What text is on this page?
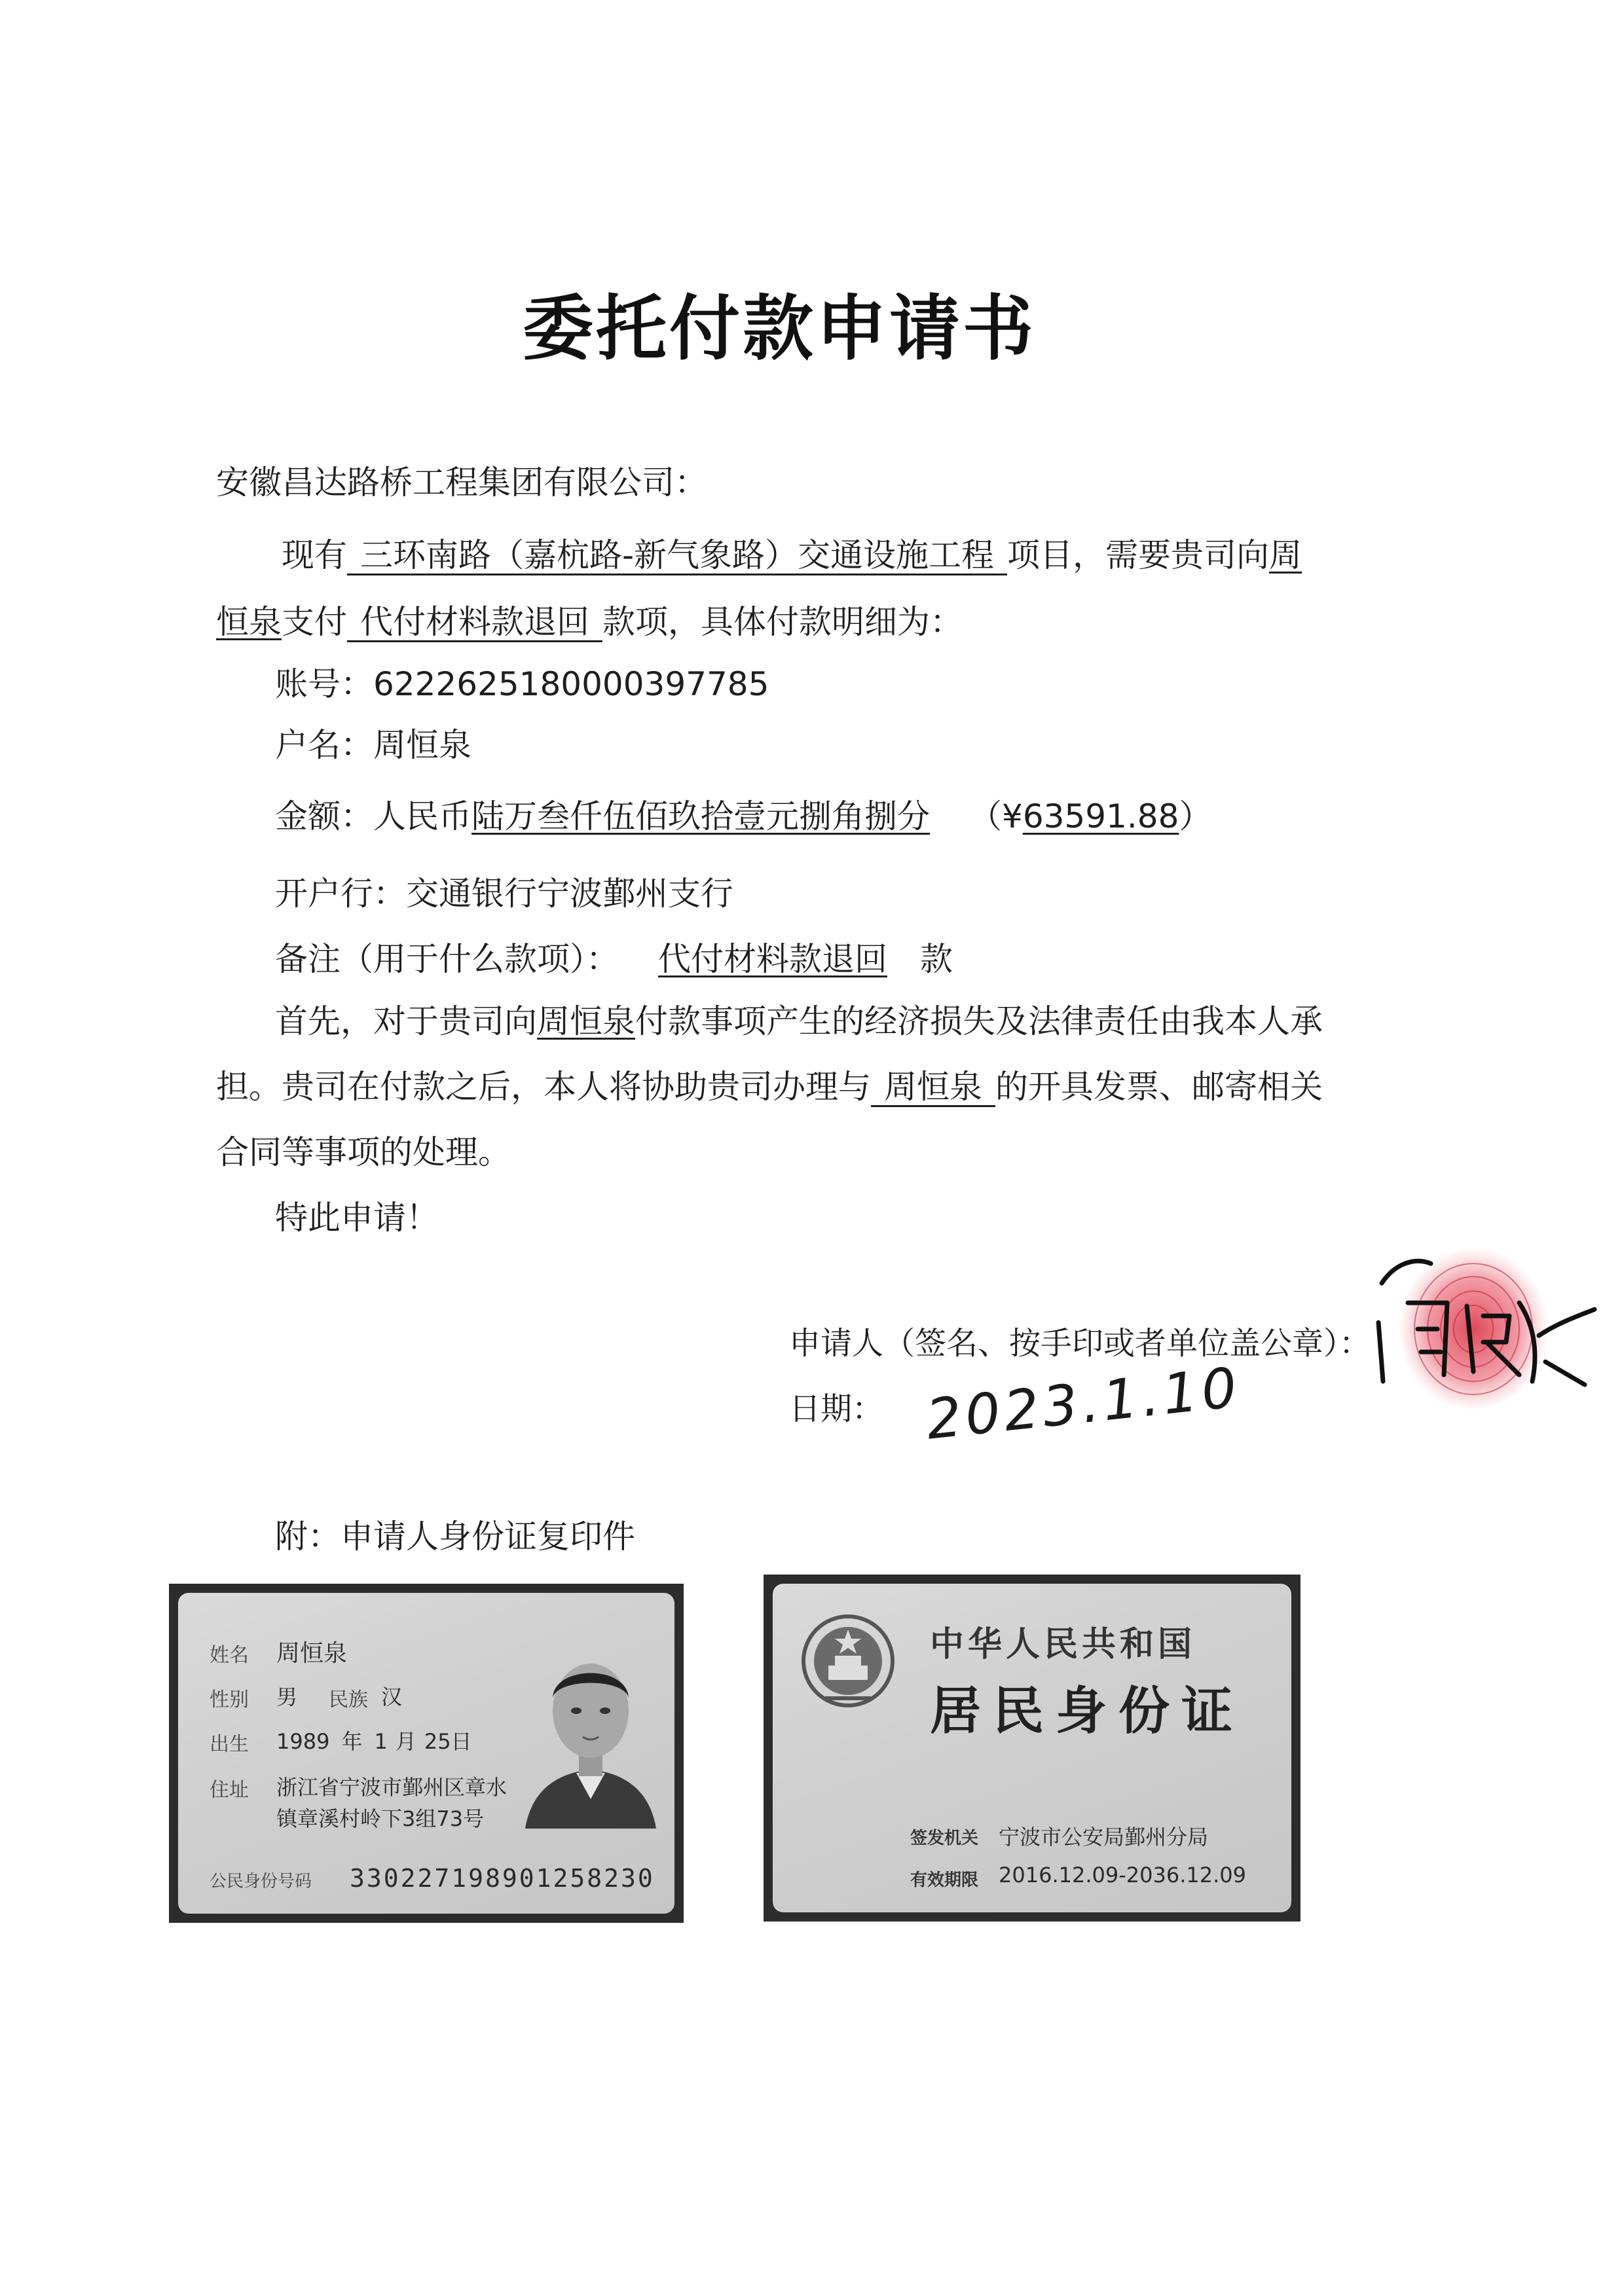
委托付款申请书
安徽昌达路桥工程集团有限公司：
现有 三环南路（嘉杭路-新气象路）交通设施工程 项目，需要贵司向周
恒泉支付 代付材料款退回 款项，具体付款明细为：
账号：6222625180000397785
户名：周恒泉
金额：人民币陆万叁仟伍佰玖拾壹元捌角捌分 （¥63591.88）
开户行：交通银行宁波鄞州支行
备注（用于什么款项）： 代付材料款退回 款
首先，对于贵司向周恒泉付款事项产生的经济损失及法律责任由我本人承
担。贵司在付款之后，本人将协助贵司办理与 周恒泉 的开具发票、邮寄相关
合同等事项的处理。
特此申请！
申请人（签名、按手印或者单位盖公章）：
日期： 2023.1.10
附：申请人身份证复印件
姓名 周恒泉
性别 男 民族 汉
出生 1989 年 1 月 25日
住址 浙江省宁波市鄞州区章水
镇章溪村岭下3组73号
公民身份号码 330227198901258230
中华人民共和国
居民身份证
签发机关 宁波市公安局鄞州分局
有效期限 2016.12.09-2036.12.09
